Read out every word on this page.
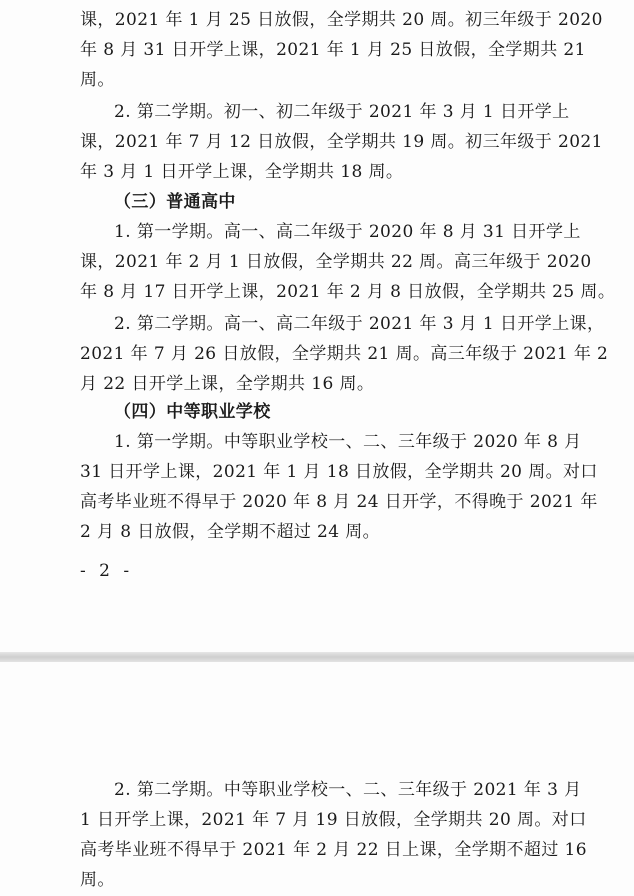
课，2021 年 1 月 25 日放假，全学期共 20 周。初三年级于 2020
年 8 月 31 日开学上课，2021 年 1 月 25 日放假，全学期共 21
周。
2. 第二学期。初一、初二年级于 2021 年 3 月 1 日开学上
课，2021 年 7 月 12 日放假，全学期共 19 周。初三年级于 2021
年 3 月 1 日开学上课，全学期共 18 周。
（三）普通高中
1. 第一学期。高一、高二年级于 2020 年 8 月 31 日开学上
课，2021 年 2 月 1 日放假，全学期共 22 周。高三年级于 2020
年 8 月 17 日开学上课，2021 年 2 月 8 日放假，全学期共 25 周。
2. 第二学期。高一、高二年级于 2021 年 3 月 1 日开学上课，
2021 年 7 月 26 日放假，全学期共 21 周。高三年级于 2021 年 2
月 22 日开学上课，全学期共 16 周。
（四）中等职业学校
1. 第一学期。中等职业学校一、二、三年级于 2020 年 8 月
31 日开学上课，2021 年 1 月 18 日放假，全学期共 20 周。对口
高考毕业班不得早于 2020 年 8 月 24 日开学，不得晚于 2021 年
2 月 8 日放假，全学期不超过 24 周。
- 2 -
2. 第二学期。中等职业学校一、二、三年级于 2021 年 3 月
1 日开学上课，2021 年 7 月 19 日放假，全学期共 20 周。对口
高考毕业班不得早于 2021 年 2 月 22 日上课，全学期不超过 16
周。
